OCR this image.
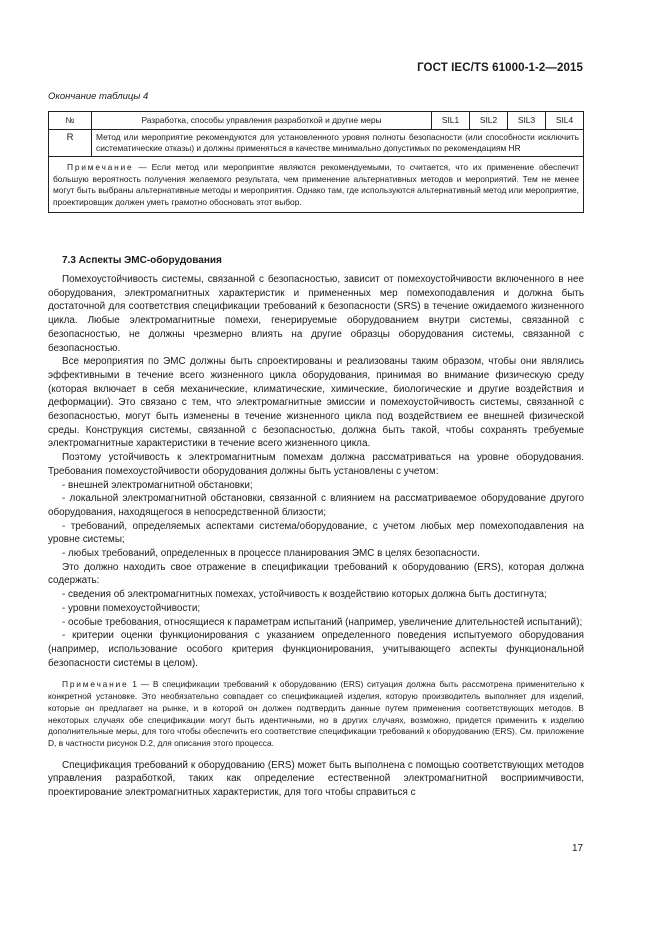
ГОСТ IEC/TS 61000-1-2—2015
Окончание таблицы 4
№	Разработка, способы управления разработкой и другие меры	SIL1	SIL2	SIL3	SIL4
R	Метод или мероприятие рекомендуются для установленного уровня полноты безопасности (или способности исключить систематические отказы) и должны применяться в качестве минимально допустимых по рекомендациям HR				
Примечание — Если метод или мероприятие являются рекомендуемыми, то считается, что их применение обеспечит большую вероятность получения желаемого результата, чем применение альтернативных методов и мероприятий. Тем не менее могут быть выбраны альтернативные методы и мероприятия. Однако там, где используются альтернативный метод или мероприятие, проектировщик должен уметь грамотно обосновать этот выбор.					
7.3 Аспекты ЭМС-оборудования

Помехоустойчивость системы, связанной с безопасностью, зависит от помехоустойчивости включенного в нее оборудования, электромагнитных характеристик и примененных мер помехоподавления и должна быть достаточной для соответствия спецификации требований к безопасности (SRS) в течение ожидаемого жизненного цикла. Любые электромагнитные помехи, генерируемые оборудованием внутри системы, связанной с безопасностью, не должны чрезмерно влиять на другие образцы оборудования системы, связанной с безопасностью.

Все мероприятия по ЭМС должны быть спроектированы и реализованы таким образом, чтобы они являлись эффективными в течение всего жизненного цикла оборудования, принимая во внимание физическую среду (которая включает в себя механические, климатические, химические, биологические и другие воздействия и деформации). Это связано с тем, что электромагнитные эмиссии и помехоустойчивость системы, связанной с безопасностью, могут быть изменены в течение жизненного цикла под воздействием ее внешней физической среды. Конструкция системы, связанной с безопасностью, должна быть такой, чтобы сохранять требуемые электромагнитные характеристики в течение всего жизненного цикла.

Поэтому устойчивость к электромагнитным помехам должна рассматриваться на уровне оборудования. Требования помехоустойчивости оборудования должны быть установлены с учетом:

- внешней электромагнитной обстановки;

- локальной электромагнитной обстановки, связанной с влиянием на рассматриваемое оборудование другого оборудования, находящегося в непосредственной близости;

- требований, определяемых аспектами система/оборудование, с учетом любых мер помехоподавления на уровне системы;

- любых требований, определенных в процессе планирования ЭМС в целях безопасности.

Это должно находить свое отражение в спецификации требований к оборудованию (ERS), которая должна содержать:

- сведения об электромагнитных помехах, устойчивость к воздействию которых должна быть достигнута;

- уровни помехоустойчивости;

- особые требования, относящиеся к параметрам испытаний (например, увеличение длительностей испытаний);

- критерии оценки функционирования с указанием определенного поведения испытуемого оборудования (например, использование особого критерия функционирования, учитывающего аспекты функциональной безопасности системы в целом).

Примечание 1 — В спецификации требований к оборудованию (ERS) ситуация должна быть рассмотрена применительно к конкретной установке. Это необязательно совпадает со спецификацией изделия, которую производитель выполняет для изделий, которые он предлагает на рынке, и в которой он должен подтвердить данные путем применения соответствующих методов. В некоторых случаях обе спецификации могут быть идентичными, но в других случаях, возможно, придется применить к изделию дополнительные меры, для того чтобы обеспечить его соответствие спецификации требований к оборудованию (ERS). См. приложение D, в частности рисунок D.2, для описания этого процесса.

Спецификация требований к оборудованию (ERS) может быть выполнена с помощью соответствующих методов управления разработкой, таких как определение естественной электромагнитной восприимчивости, проектирование электромагнитных характеристик, для того чтобы справиться с

17
